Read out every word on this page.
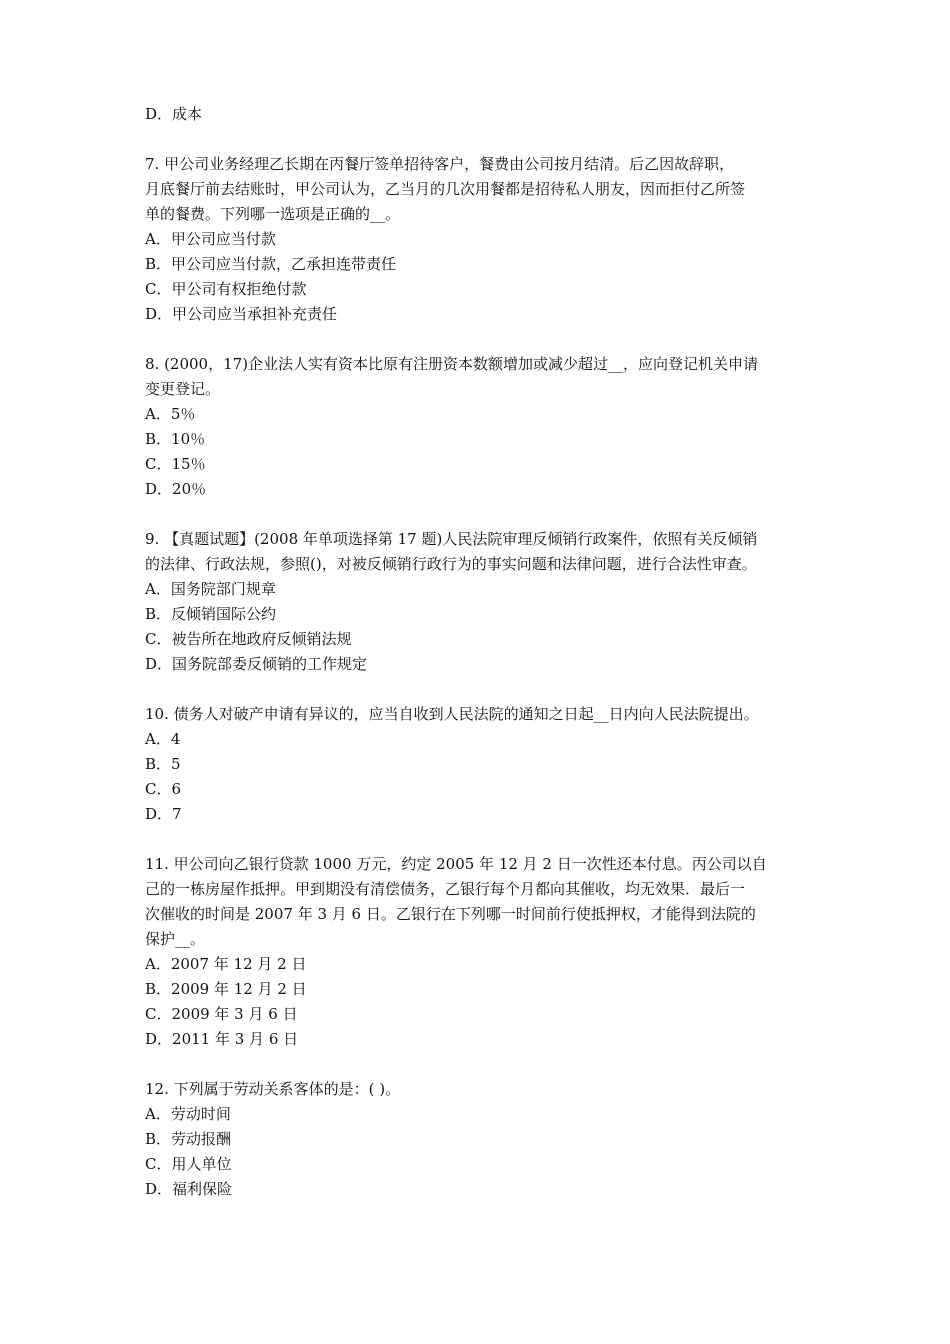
D．成本
7. 甲公司业务经理乙长期在丙餐厅签单招待客户，餐费由公司按月结清。后乙因故辞职，
月底餐厅前去结账时，甲公司认为，乙当月的几次用餐都是招待私人朋友，因而拒付乙所签
单的餐费。下列哪一选项是正确的__。
A．甲公司应当付款
B．甲公司应当付款，乙承担连带责任
C．甲公司有权拒绝付款
D．甲公司应当承担补充责任
8. (2000，17)企业法人实有资本比原有注册资本数额增加或减少超过__，应向登记机关申请
变更登记。
A．5％
B．10％
C．15％
D．20％
9. 【真题试题】(2008 年单项选择第 17 题)人民法院审理反倾销行政案件，依照有关反倾销
的法律、行政法规，参照()，对被反倾销行政行为的事实问题和法律问题，进行合法性审查。
A．国务院部门规章
B．反倾销国际公约
C．被告所在地政府反倾销法规
D．国务院部委反倾销的工作规定
10. 债务人对破产申请有异议的，应当自收到人民法院的通知之日起__日内向人民法院提出。
A．4
B．5
C．6
D．7
11. 甲公司向乙银行贷款 1000 万元，约定 2005 年 12 月 2 日一次性还本付息。丙公司以自
己的一栋房屋作抵押。甲到期没有清偿债务，乙银行每个月都向其催收，均无效果．最后一
次催收的时间是 2007 年 3 月 6 日。乙银行在下列哪一时间前行使抵押权，才能得到法院的
保护__。
A．2007 年 12 月 2 日
B．2009 年 12 月 2 日
C．2009 年 3 月 6 日
D．2011 年 3 月 6 日
12. 下列属于劳动关系客体的是：( )。
A．劳动时间
B．劳动报酬
C．用人单位
D．福利保险
